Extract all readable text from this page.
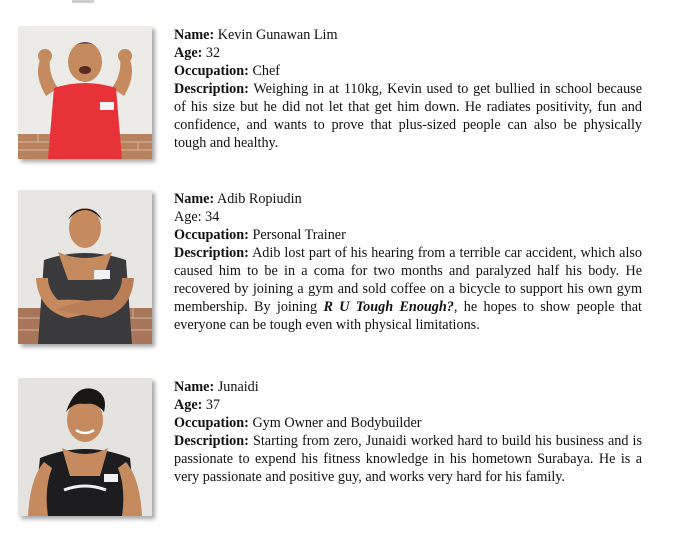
Name: Kevin Gunawan Lim
Age: 32
Occupation: Chef
Description: Weighing in at 110kg, Kevin used to get bullied in school because of his size but he did not let that get him down. He radiates positivity, fun and confidence, and wants to prove that plus-sized people can also be physically tough and healthy.
Name: Adib Ropiudin
Age: 34
Occupation: Personal Trainer
Description: Adib lost part of his hearing from a terrible car accident, which also caused him to be in a coma for two months and paralyzed half his body. He recovered by joining a gym and sold coffee on a bicycle to support his own gym membership. By joining R U Tough Enough?, he hopes to show people that everyone can be tough even with physical limitations.
Name: Junaidi
Age: 37
Occupation: Gym Owner and Bodybuilder
Description: Starting from zero, Junaidi worked hard to build his business and is passionate to expend his fitness knowledge in his hometown Surabaya. He is a very passionate and positive guy, and works very hard for his family.
